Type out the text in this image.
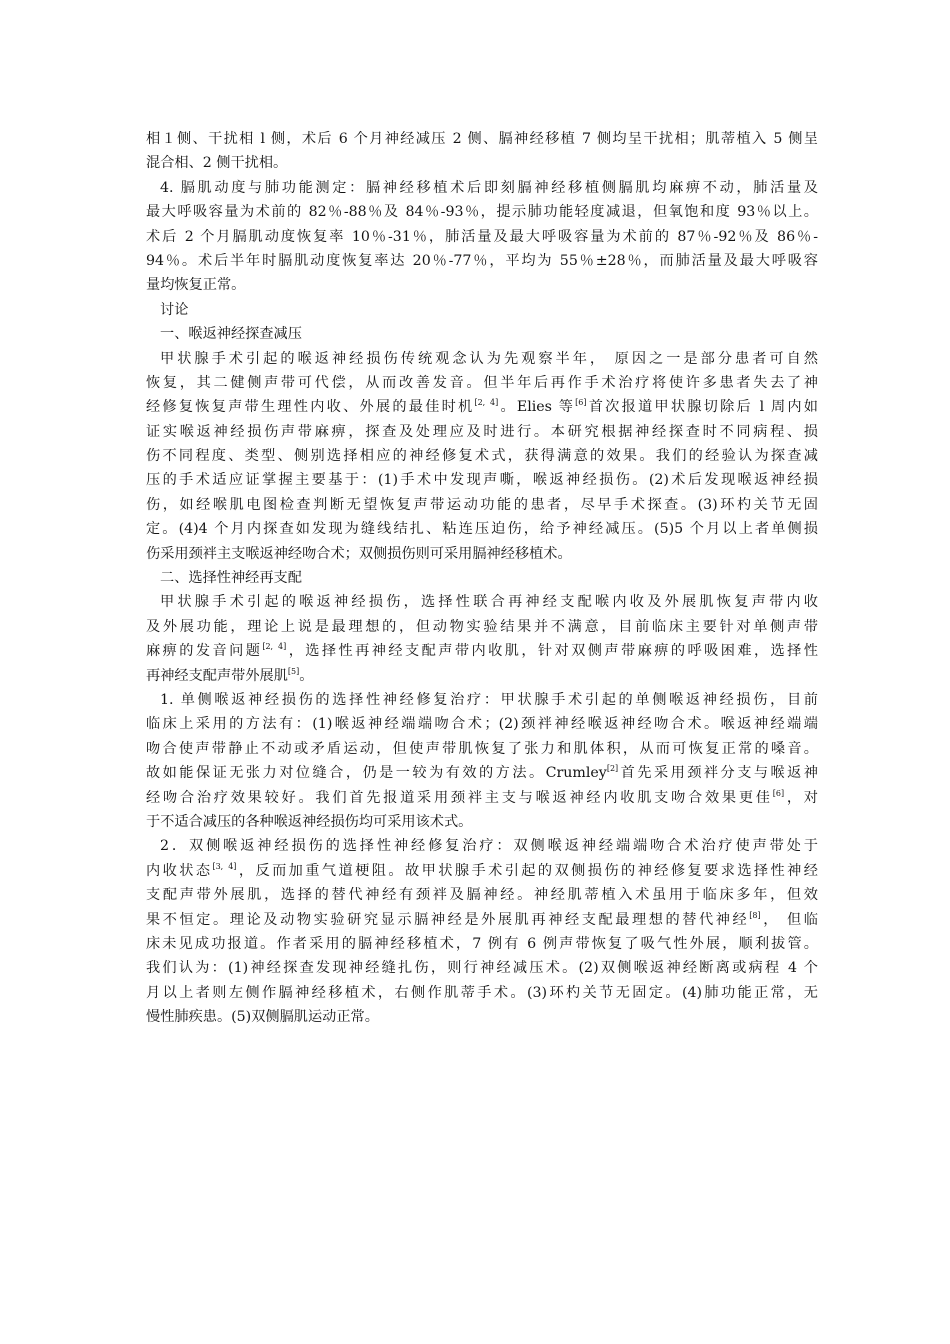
相１侧、干扰相 l 侧，术后 6 个月神经减压 2 侧、膈神经移植 7 侧均呈干扰相；肌蒂植入 5 侧呈
混合相、2 侧干扰相。
4. 膈肌动度与肺功能测定：膈神经移植术后即刻膈神经移植侧膈肌均麻痹不动，肺活量及
最大呼吸容量为术前的 82％-88％及 84％-93％，提示肺功能轻度减退，但氧饱和度 93％以上。
术后 2 个月膈肌动度恢复率 10％-31％，肺活量及最大呼吸容量为术前的 87％-92％及 86％-
94％。术后半年时膈肌动度恢复率达 20％-77％，平均为 55％±28％，而肺活量及最大呼吸容
量均恢复正常。
讨论
一、喉返神经探查减压
甲状腺手术引起的喉返神经损伤传统观念认为先观察半年， 原因之一是部分患者可自然
恢复，其二健侧声带可代偿，从而改善发音。但半年后再作手术治疗将使许多患者失去了神
经修复恢复声带生理性内收、外展的最佳时机[2, 4]。Elies 等[6]首次报道甲状腺切除后 l 周内如
证实喉返神经损伤声带麻痹，探查及处理应及时进行。本研究根据神经探查时不同病程、损
伤不同程度、类型、侧别选择相应的神经修复术式，获得满意的效果。我们的经验认为探查减
压的手术适应证掌握主要基于：(1)手术中发现声嘶，喉返神经损伤。(2)术后发现喉返神经损
伤，如经喉肌电图检查判断无望恢复声带运动功能的患者，尽早手术探查。(3)环杓关节无固
定。(4)4 个月内探查如发现为缝线结扎、粘连压迫伤，给予神经减压。(5)5 个月以上者单侧损
伤采用颈袢主支喉返神经吻合术；双侧损伤则可采用膈神经移植术。
二、选择性神经再支配
甲状腺手术引起的喉返神经损伤，选择性联合再神经支配喉内收及外展肌恢复声带内收
及外展功能，理论上说是最理想的，但动物实验结果并不满意，目前临床主要针对单侧声带
麻痹的发音问题[2, 4]，选择性再神经支配声带内收肌，针对双侧声带麻痹的呼吸困难，选择性
再神经支配声带外展肌[5]。
1. 单侧喉返神经损伤的选择性神经修复治疗：甲状腺手术引起的单侧喉返神经损伤，目前
临床上采用的方法有：(1)喉返神经端端吻合术；(2)颈袢神经喉返神经吻合术。喉返神经端端
吻合使声带静止不动或矛盾运动，但使声带肌恢复了张力和肌体积，从而可恢复正常的嗓音。
故如能保证无张力对位缝合，仍是一较为有效的方法。Crumley[2]首先采用颈袢分支与喉返神
经吻合治疗效果较好。我们首先报道采用颈袢主支与喉返神经内收肌支吻合效果更佳[6]，对
于不适合减压的各种喉返神经损伤均可采用该术式。
2．双侧喉返神经损伤的选择性神经修复治疗：双侧喉返神经端端吻合术治疗使声带处于
内收状态[3, 4]，反而加重气道梗阻。故甲状腺手术引起的双侧损伤的神经修复要求选择性神经
支配声带外展肌，选择的替代神经有颈袢及膈神经。神经肌蒂植入术虽用于临床多年，但效
果不恒定。理论及动物实验研究显示膈神经是外展肌再神经支配最理想的替代神经[8]， 但临
床未见成功报道。作者采用的膈神经移植术，7 例有 6 例声带恢复了吸气性外展，顺利拔管。
我们认为：(1)神经探查发现神经缝扎伤，则行神经减压术。(2)双侧喉返神经断离或病程 4 个
月以上者则左侧作膈神经移植术，右侧作肌蒂手术。(3)环杓关节无固定。(4)肺功能正常，无
慢性肺疾患。(5)双侧膈肌运动正常。
